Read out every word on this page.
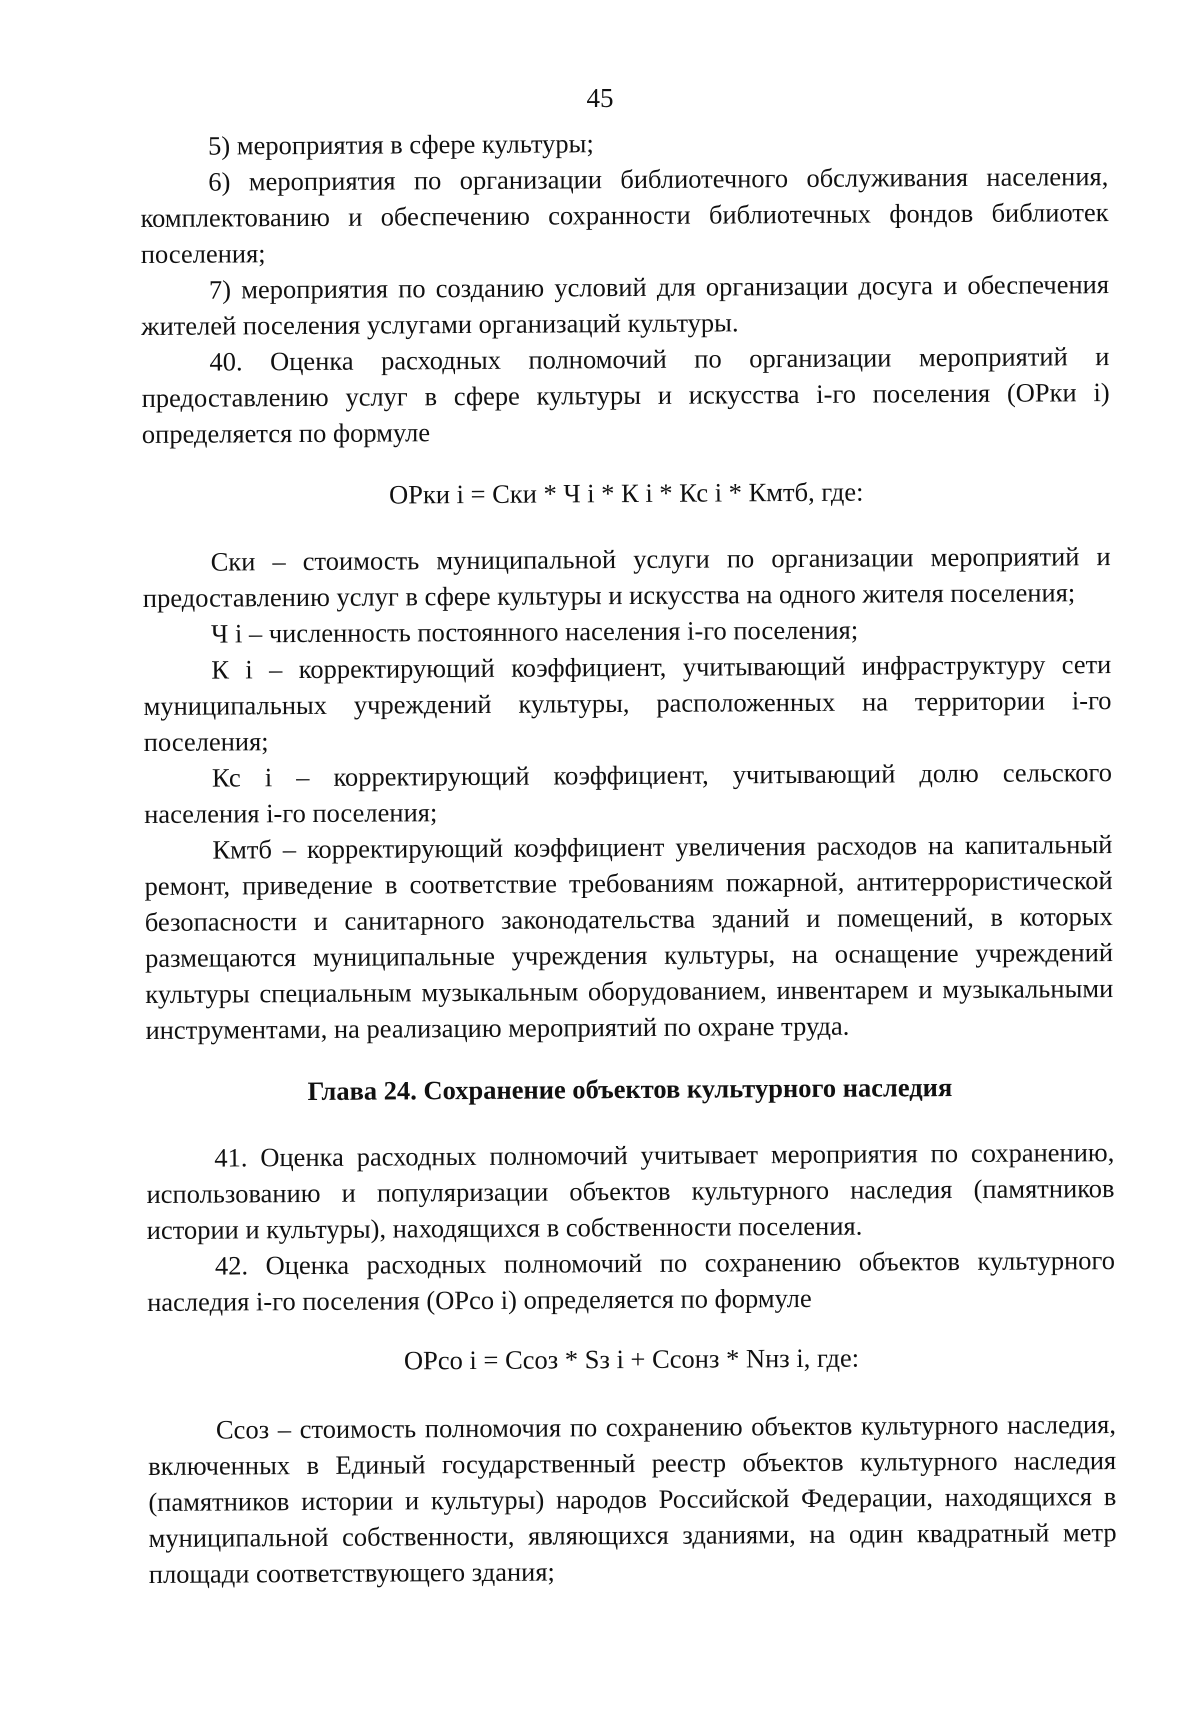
45

5) мероприятия в сфере культуры;

6) мероприятия по организации библиотечного обслуживания населения, комплектованию и обеспечению сохранности библиотечных фондов библиотек поселения;

7) мероприятия по созданию условий для организации досуга и обеспечения жителей поселения услугами организаций культуры.

40. Оценка расходных полномочий по организации мероприятий и предоставлению услуг в сфере культуры и искусства i-го поселения (ОРки i) определяется по формуле

ОРки i = Cки * Ч i * К i * Кс i * Кмтб, где:

Cки – стоимость муниципальной услуги по организации мероприятий и предоставлению услуг в сфере культуры и искусства на одного жителя поселения;

Ч i – численность постоянного населения i-го поселения;

К i – корректирующий коэффициент, учитывающий инфраструктуру сети муниципальных учреждений культуры, расположенных на территории i-го поселения;

Кс i – корректирующий коэффициент, учитывающий долю сельского населения i-го поселения;

Кмтб – корректирующий коэффициент увеличения расходов на капитальный ремонт, приведение в соответствие требованиям пожарной, антитеррористической безопасности и санитарного законодательства зданий и помещений, в которых размещаются муниципальные учреждения культуры, на оснащение учреждений культуры специальным музыкальным оборудованием, инвентарем и музыкальными инструментами, на реализацию мероприятий по охране труда.

Глава 24. Сохранение объектов культурного наследия

41. Оценка расходных полномочий учитывает мероприятия по сохранению, использованию и популяризации объектов культурного наследия (памятников истории и культуры), находящихся в собственности поселения.

42. Оценка расходных полномочий по сохранению объектов культурного наследия i-го поселения (ОРсо i) определяется по формуле

ОРсо i = Cсоз * Sз i + Cсонз * Nнз i, где:

Cсоз – стоимость полномочия по сохранению объектов культурного наследия, включенных в Единый государственный реестр объектов культурного наследия (памятников истории и культуры) народов Российской Федерации, находящихся в муниципальной собственности, являющихся зданиями, на один квадратный метр площади соответствующего здания;
